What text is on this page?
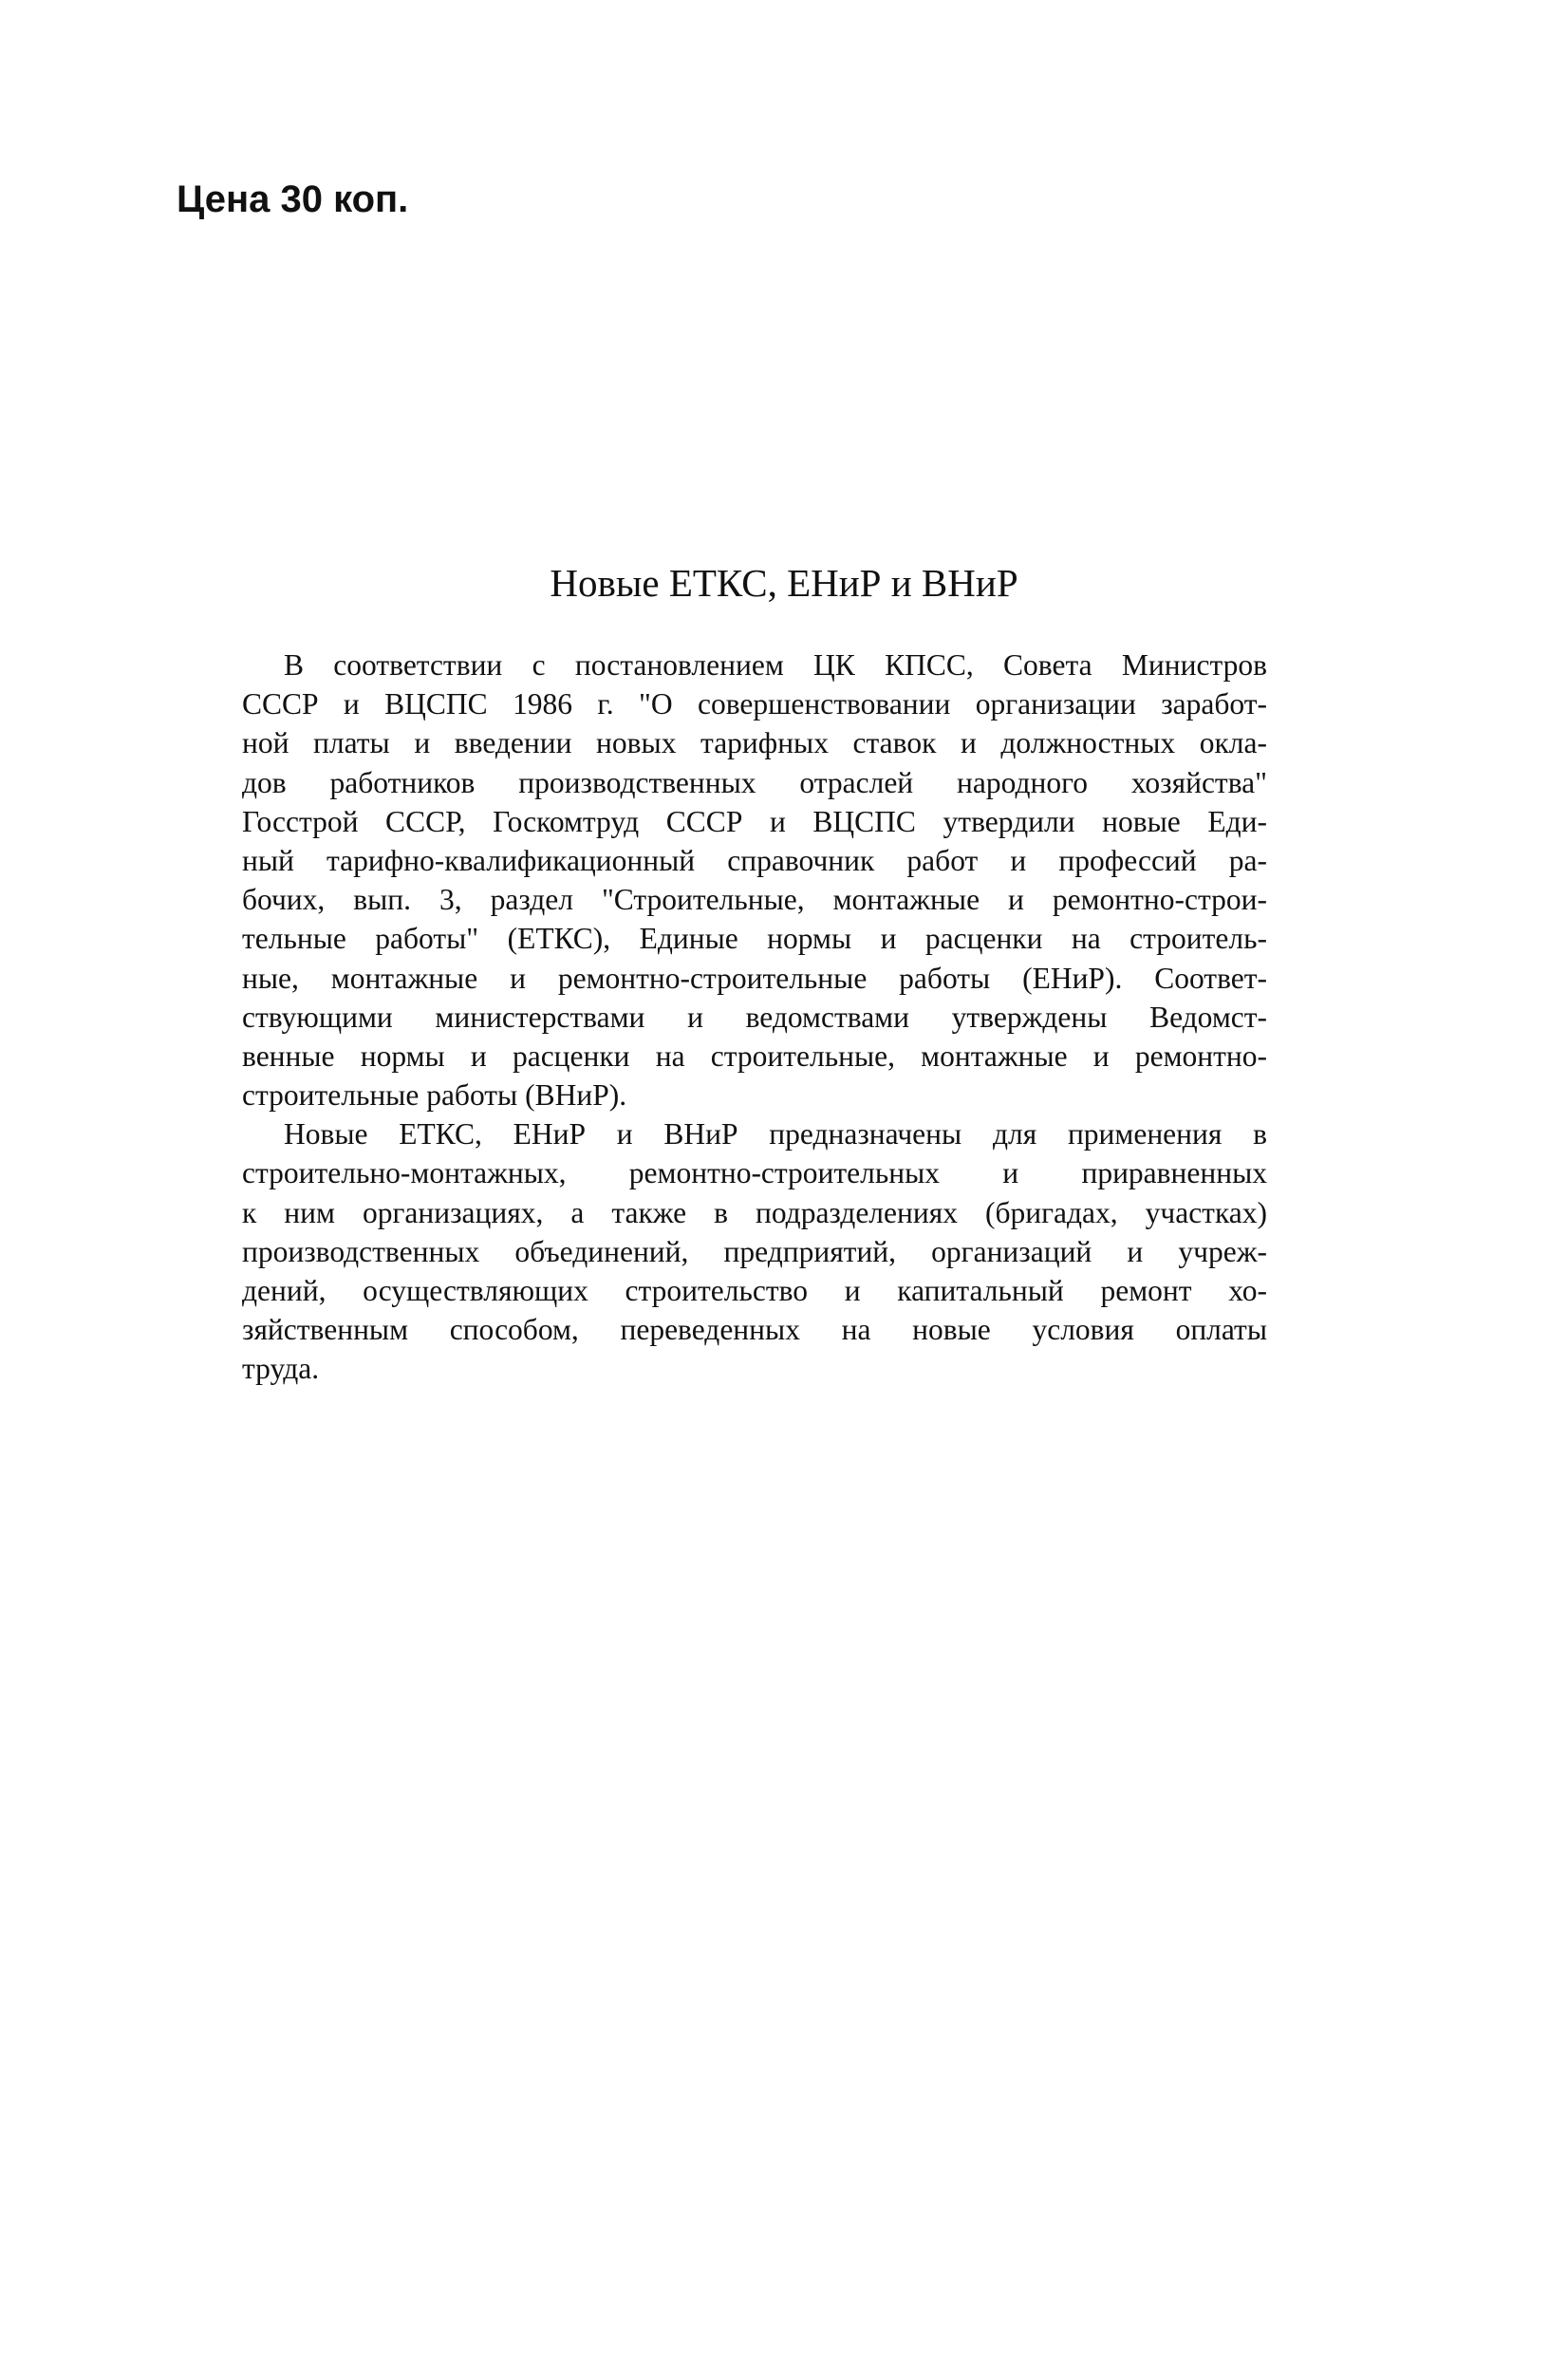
Цена 30 коп.
Новые ЕТКС, ЕНиР и ВНиР
В соответствии с постановлением ЦК КПСС, Совета Министров
СССР и ВЦСПС 1986 г. "О совершенствовании организации заработ-
ной платы и введении новых тарифных ставок и должностных окла-
дов работников производственных отраслей народного хозяйства"
Госстрой СССР, Госкомтруд СССР и ВЦСПС утвердили новые Еди-
ный тарифно-квалификационный справочник работ и профессий ра-
бочих, вып. 3, раздел "Строительные, монтажные и ремонтно-строи-
тельные работы" (ЕТКС), Единые нормы и расценки на строитель-
ные, монтажные и ремонтно-строительные работы (ЕНиР). Соответ-
ствующими министерствами и ведомствами утверждены Ведомст-
венные нормы и расценки на строительные, монтажные и ремонтно-
строительные работы (ВНиР).
Новые ЕТКС, ЕНиР и ВНиР предназначены для применения в
строительно-монтажных, ремонтно-строительных и приравненных
к ним организациях, а также в подразделениях (бригадах, участках)
производственных объединений, предприятий, организаций и учреж-
дений, осуществляющих строительство и капитальный ремонт хо-
зяйственным способом, переведенных на новые условия оплаты
труда.
